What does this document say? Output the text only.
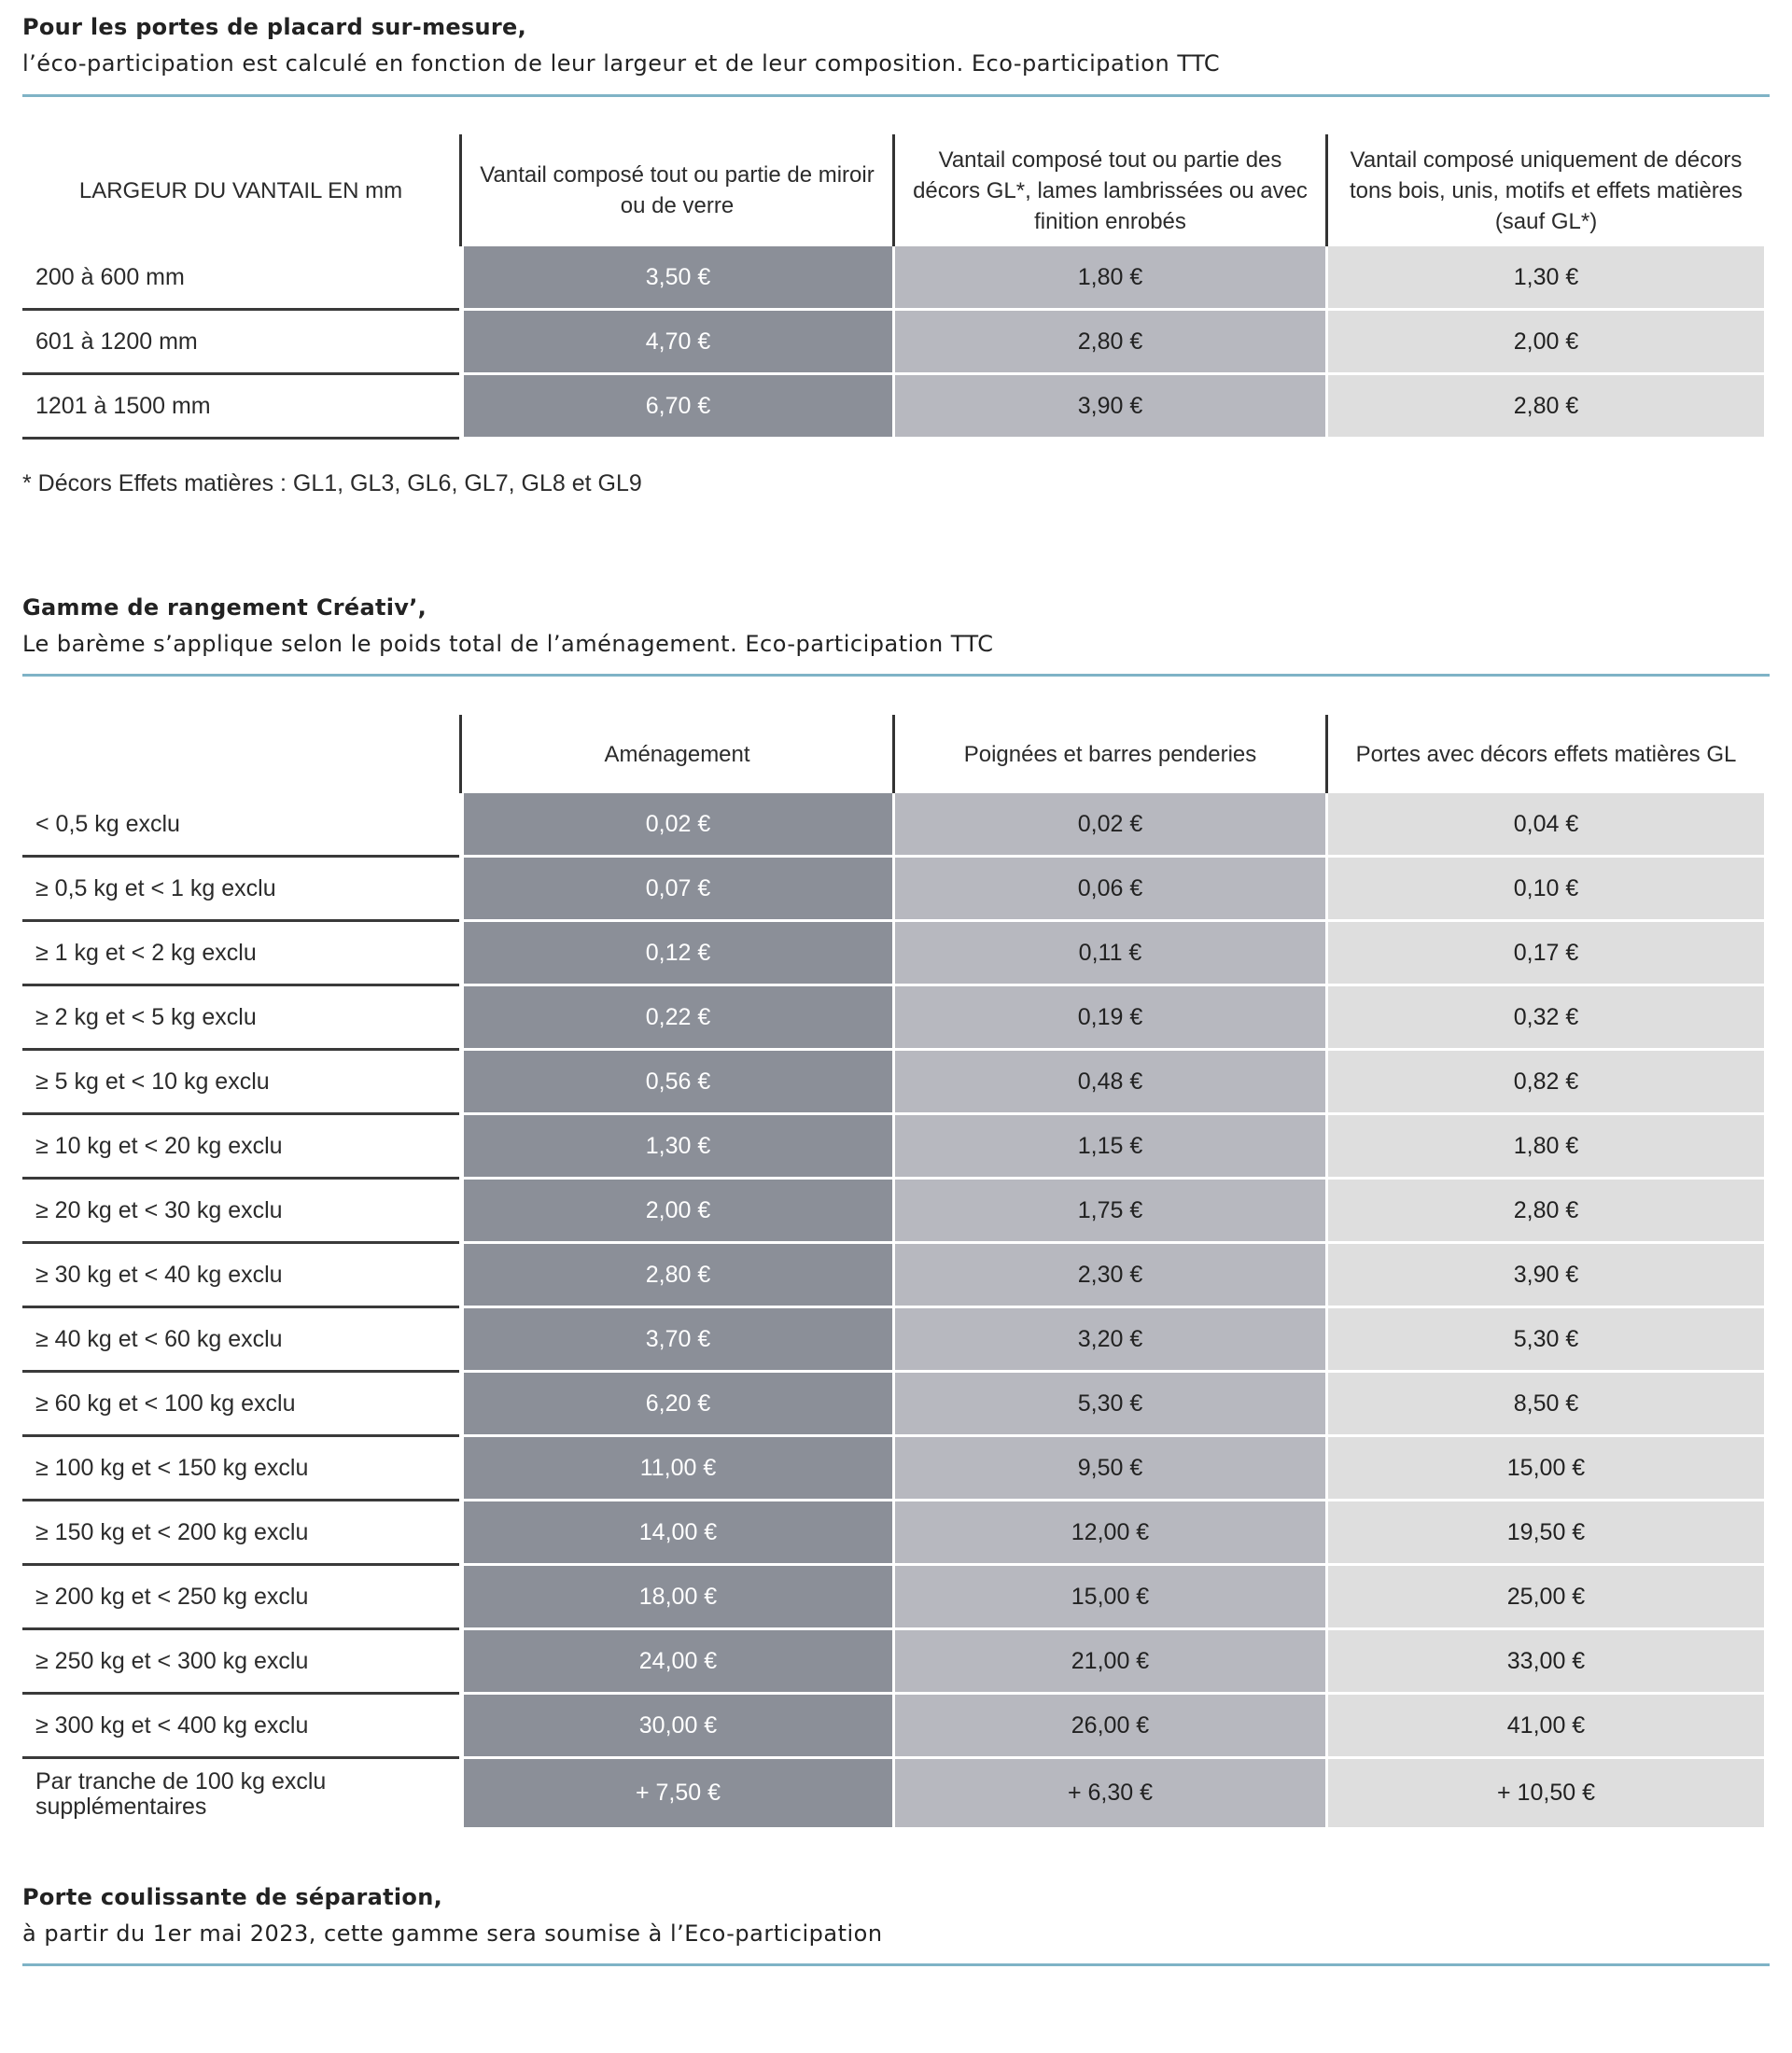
Pour les portes de placard sur-mesure,
l’éco-participation est calculé en fonction de leur largeur et de leur composition. Eco-participation TTC
LARGEUR DU VANTAIL EN mm	Vantail composé tout ou partie de miroir ou de verre	Vantail composé tout ou partie des décors GL*, lames lambrissées ou avec finition enrobés	Vantail composé uniquement de décors tons bois, unis, motifs et effets matières (sauf GL*)
200 à 600 mm	3,50 €	1,80 €	1,30 €
601 à 1200 mm	4,70 €	2,80 €	2,00 €
1201 à 1500 mm	6,70 €	3,90 €	2,80 €
* Décors Effets matières : GL1, GL3, GL6, GL7, GL8 et GL9
Gamme de rangement Créativ’,
Le barème s’applique selon le poids total de l’aménagement. Eco-participation TTC
	Aménagement	Poignées et barres penderies	Portes avec décors effets matières GL
< 0,5 kg exclu	0,02 €	0,02 €	0,04 €
≥ 0,5 kg et < 1 kg exclu	0,07 €	0,06 €	0,10 €
≥ 1 kg et < 2 kg exclu	0,12 €	0,11 €	0,17 €
≥ 2 kg et < 5 kg exclu	0,22 €	0,19 €	0,32 €
≥ 5 kg et < 10 kg exclu	0,56 €	0,48 €	0,82 €
≥ 10 kg et < 20 kg exclu	1,30 €	1,15 €	1,80 €
≥ 20 kg et < 30 kg exclu	2,00 €	1,75 €	2,80 €
≥ 30 kg et < 40 kg exclu	2,80 €	2,30 €	3,90 €
≥ 40 kg et < 60 kg exclu	3,70 €	3,20 €	5,30 €
≥ 60 kg et < 100 kg exclu	6,20 €	5,30 €	8,50 €
≥ 100 kg et < 150 kg exclu	11,00 €	9,50 €	15,00 €
≥ 150 kg et < 200 kg exclu	14,00 €	12,00 €	19,50 €
≥ 200 kg et < 250 kg exclu	18,00 €	15,00 €	25,00 €
≥ 250 kg et < 300 kg exclu	24,00 €	21,00 €	33,00 €
≥ 300 kg et < 400 kg exclu	30,00 €	26,00 €	41,00 €
Par tranche de 100 kg exclu supplémentaires	+ 7,50 €	+ 6,30 €	+ 10,50 €
Porte coulissante de séparation,
à partir du 1er mai 2023, cette gamme sera soumise à l’Eco-participation
